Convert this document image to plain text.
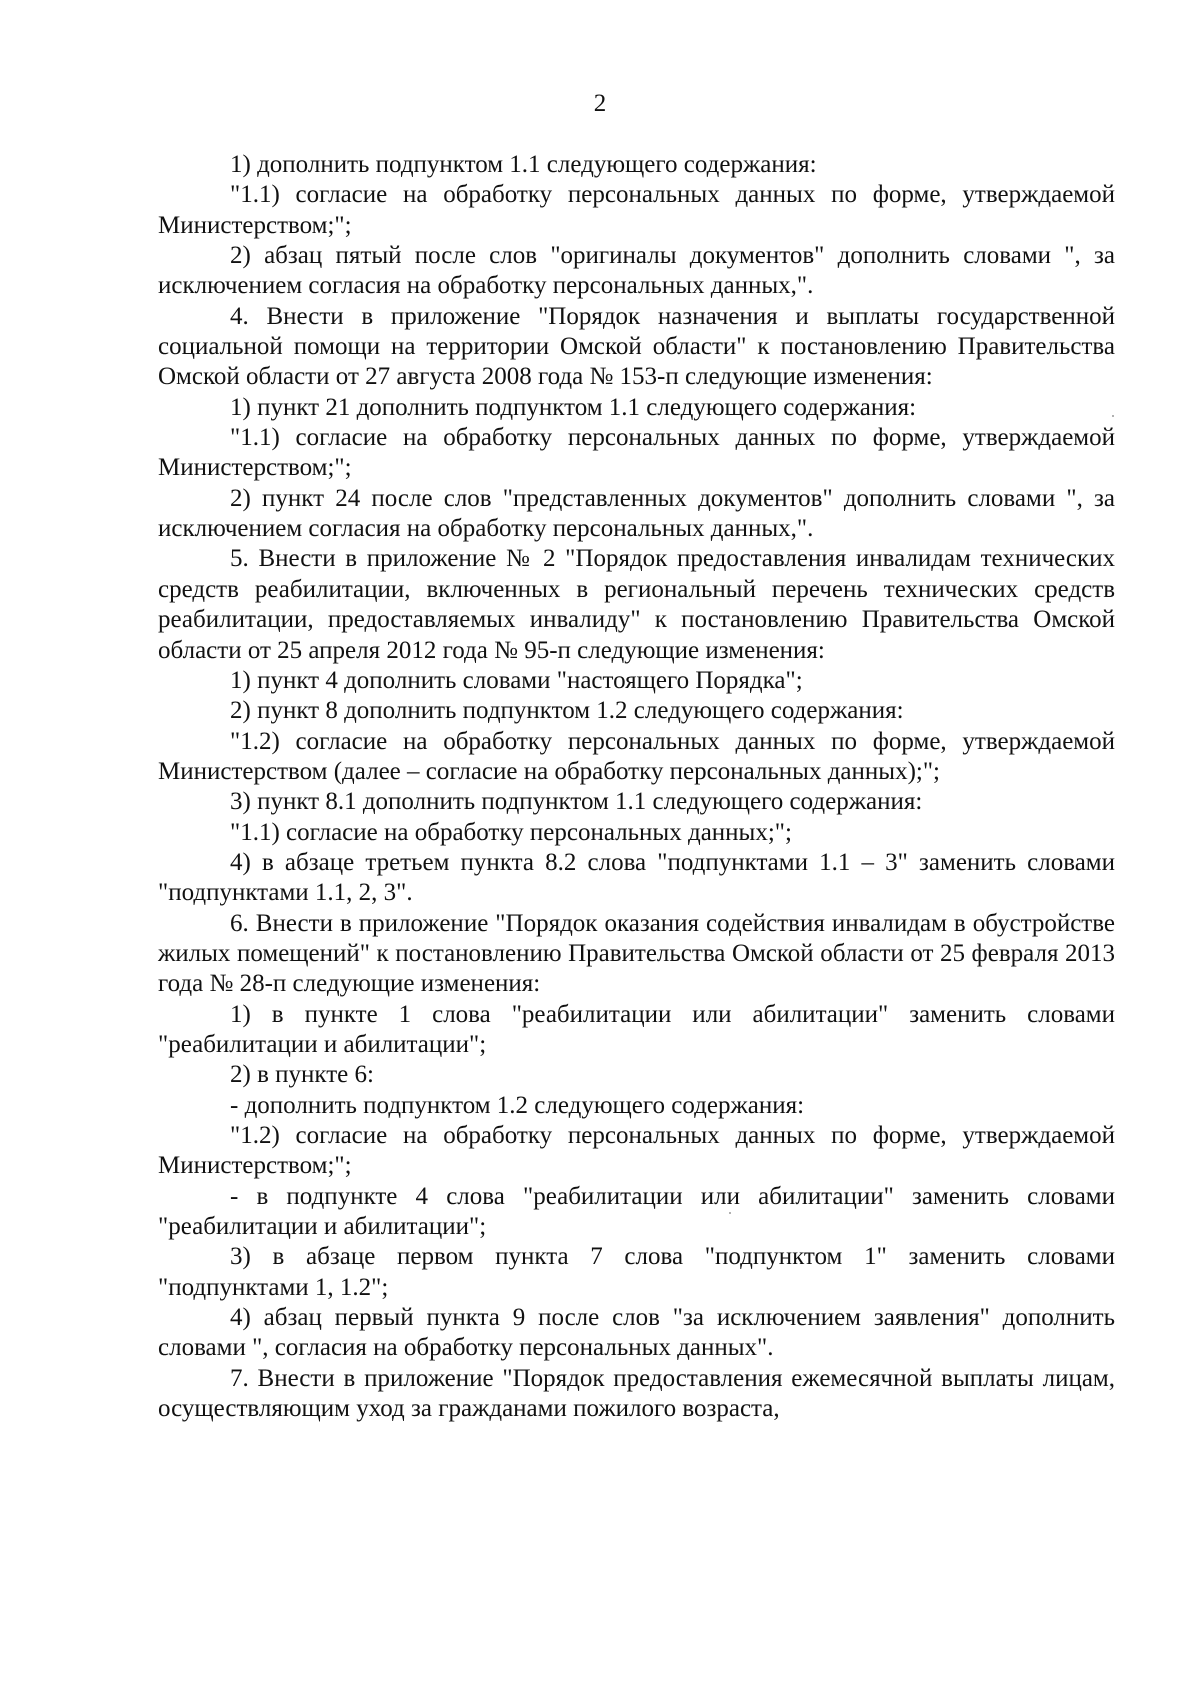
2

1) дополнить подпунктом 1.1 следующего содержания:

"1.1) согласие на обработку персональных данных по форме, утверждаемой Министерством;";

2) абзац пятый после слов "оригиналы документов" дополнить словами ", за исключением согласия на обработку персональных данных,".

4. Внести в приложение "Порядок назначения и выплаты государственной социальной помощи на территории Омской области" к постановлению Правительства Омской области от 27 августа 2008 года № 153-п следующие изменения:

1) пункт 21 дополнить подпунктом 1.1 следующего содержания:

"1.1) согласие на обработку персональных данных по форме, утверждаемой Министерством;";

2) пункт 24 после слов "представленных документов" дополнить словами ", за исключением согласия на обработку персональных данных,".

5. Внести в приложение № 2 "Порядок предоставления инвалидам технических средств реабилитации, включенных в региональный перечень технических средств реабилитации, предоставляемых инвалиду" к постановлению Правительства Омской области от 25 апреля 2012 года № 95-п следующие изменения:

1) пункт 4 дополнить словами "настоящего Порядка";

2) пункт 8 дополнить подпунктом 1.2 следующего содержания:

"1.2) согласие на обработку персональных данных по форме, утверждаемой Министерством (далее – согласие на обработку персональных данных);";

3) пункт 8.1 дополнить подпунктом 1.1 следующего содержания:

"1.1) согласие на обработку персональных данных;";

4) в абзаце третьем пункта 8.2 слова "подпунктами 1.1 – 3" заменить словами "подпунктами 1.1, 2, 3".

6. Внести в приложение "Порядок оказания содействия инвалидам в обустройстве жилых помещений" к постановлению Правительства Омской области от 25 февраля 2013 года № 28-п следующие изменения:

1) в пункте 1 слова "реабилитации или абилитации" заменить словами "реабилитации и абилитации";

2) в пункте 6:

- дополнить подпунктом 1.2 следующего содержания:

"1.2) согласие на обработку персональных данных по форме, утверждаемой Министерством;";

- в подпункте 4 слова "реабилитации или абилитации" заменить словами "реабилитации и абилитации";

3) в абзаце первом пункта 7 слова "подпунктом 1" заменить словами "подпунктами 1, 1.2";

4) абзац первый пункта 9 после слов "за исключением заявления" дополнить словами ", согласия на обработку персональных данных".

7. Внести в приложение "Порядок предоставления ежемесячной выплаты лицам, осуществляющим уход за гражданами пожилого возраста,
